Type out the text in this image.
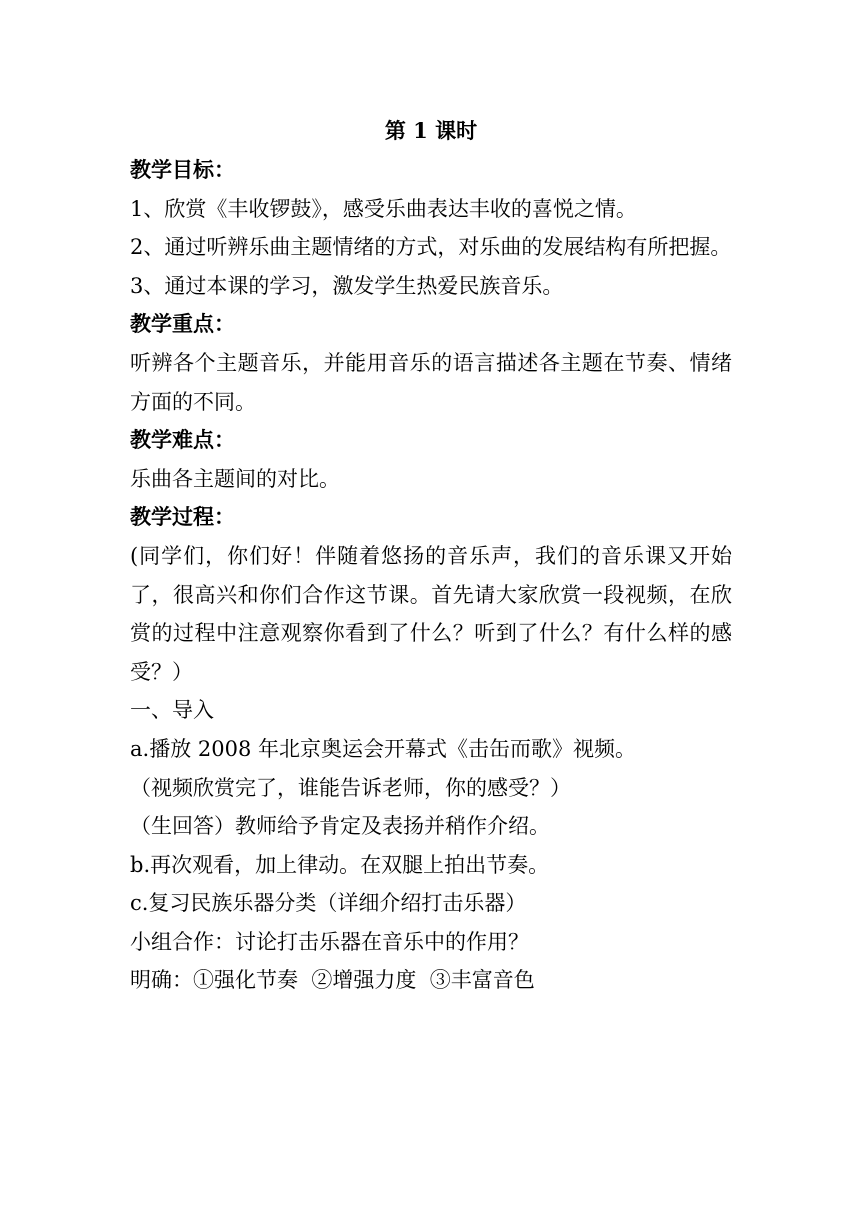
第 1 课时
教学目标：
1、欣赏《丰收锣鼓》，感受乐曲表达丰收的喜悦之情。
2、通过听辨乐曲主题情绪的方式，对乐曲的发展结构有所把握。
3、通过本课的学习，激发学生热爱民族音乐。
教学重点：
听辨各个主题音乐，并能用音乐的语言描述各主题在节奏、情绪方面的不同。
教学难点：
乐曲各主题间的对比。
教学过程：
(同学们，你们好！伴随着悠扬的音乐声，我们的音乐课又开始了，很高兴和你们合作这节课。首先请大家欣赏一段视频，在欣赏的过程中注意观察你看到了什么？听到了什么？有什么样的感受？）
一、导入
a.播放 2008 年北京奥运会开幕式《击缶而歌》视频。
（视频欣赏完了，谁能告诉老师，你的感受？）
（生回答）教师给予肯定及表扬并稍作介绍。
b.再次观看，加上律动。在双腿上拍出节奏。
c.复习民族乐器分类（详细介绍打击乐器）
小组合作：讨论打击乐器在音乐中的作用？
明确：①强化节奏  ②增强力度  ③丰富音色
